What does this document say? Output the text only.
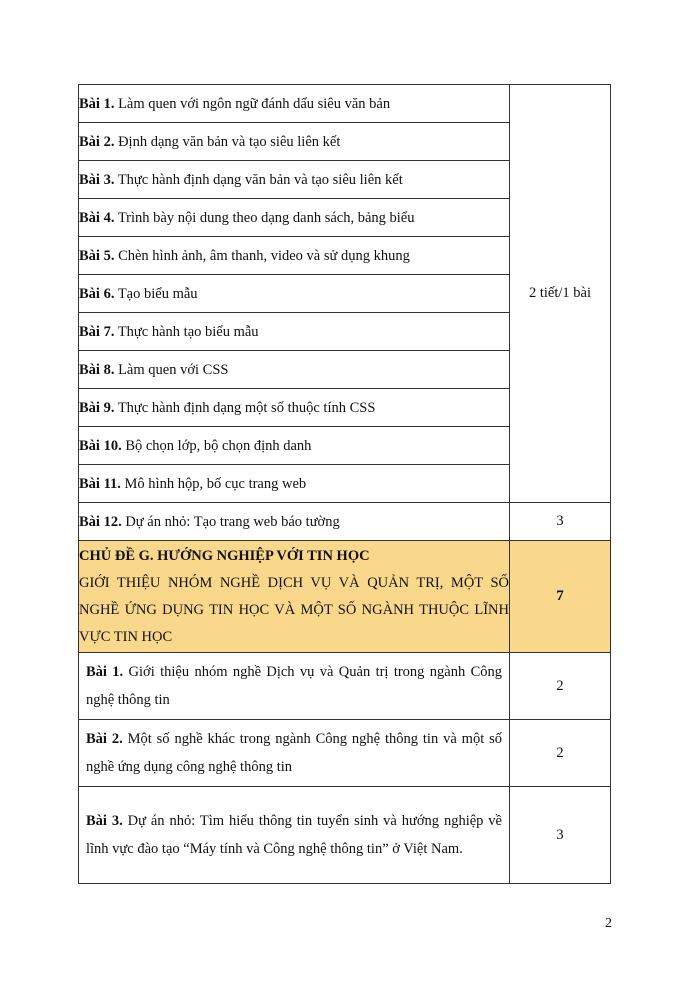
Bài 1. Làm quen với ngôn ngữ đánh dấu siêu văn bản	2 tiết/1 bài
Bài 2. Định dạng văn bản và tạo siêu liên kết	
Bài 3. Thực hành định dạng văn bản và tạo siêu liên kết	
Bài 4. Trình bày nội dung theo dạng danh sách, bảng biểu	
Bài 5. Chèn hình ảnh, âm thanh, video và sử dụng khung	
Bài 6. Tạo biểu mẫu	
Bài 7. Thực hành tạo biểu mẫu	
Bài 8. Làm quen với CSS	
Bài 9. Thực hành định dạng một số thuộc tính CSS	
Bài 10. Bộ chọn lớp, bộ chọn định danh	
Bài 11. Mô hình hộp, bố cục trang web	
Bài 12. Dự án nhỏ: Tạo trang web báo tường	3

CHỦ ĐỀ G. HƯỚNG NGHIỆP VỚI TIN HỌC
GIỚI THIỆU NHÓM NGHỀ DỊCH VỤ VÀ QUẢN TRỊ, MỘT SỐ NGHỀ ỨNG DỤNG TIN HỌC VÀ MỘT SỐ NGÀNH THUỘC LĨNH VỰC TIN HỌC	7
Bài 1. Giới thiệu nhóm nghề Dịch vụ và Quản trị trong ngành Công nghệ thông tin	2
Bài 2. Một số nghề khác trong ngành Công nghệ thông tin và một số nghề ứng dụng công nghệ thông tin	2
Bài 3. Dự án nhỏ: Tìm hiểu thông tin tuyển sinh và hướng nghiệp về lĩnh vực đào tạo “Máy tính và Công nghệ thông tin” ở Việt Nam.	3
2
